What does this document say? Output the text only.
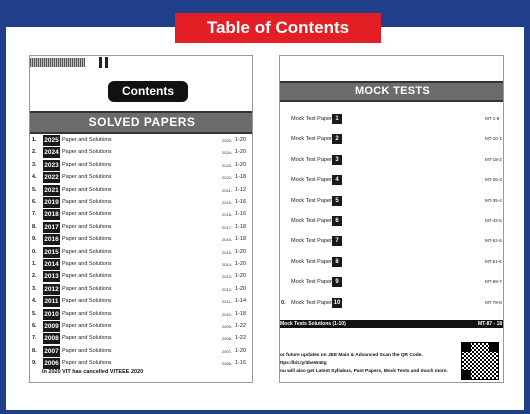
Table of Contents
Contents
SOLVED PAPERS
1. 2025 Paper and Solutions	2025- 1-20
2. 2024 Paper and Solutions	2024- 1-20
3. 2023 Paper and Solutions	2023- 1-20
4. 2022 Paper and Solutions	2022- 1-18
5. 2021 Paper and Solutions	2021- 1-12
6. 2019 Paper and Solutions	2019- 1-16
7. 2018 Paper and Solutions	2018- 1-16
8. 2017 Paper and Solutions	2017- 1-18
9. 2016 Paper and Solutions	2016- 1-18
0. 2015 Paper and Solutions	2015- 1-20
1. 2014 Paper and Solutions	2014- 1-20
2. 2013 Paper and Solutions	2013- 1-20
3. 2012 Paper and Solutions	2012- 1-20
4. 2011 Paper and Solutions	2011- 1-14
5. 2010 Paper and Solutions	2010- 1-18
6. 2009 Paper and Solutions	2009- 1-22
7. 2008 Paper and Solutions	2008- 1-22
8. 2007 Paper and Solutions	2007- 1-20
9. 2006 Paper and Solutions	2006- 1-16
In 2020 VIT has cancelled VITEEE 2020
MOCK TESTS
Mock Test Paper 1	MT-1-9
Mock Test Paper 2	MT-10-1
Mock Test Paper 3	MT-18-2
Mock Test Paper 4	MT-26-3
Mock Test Paper 5	MT-35-4
Mock Test Paper 6	MT-43-5
Mock Test Paper 7	MT-52-6
Mock Test Paper 8	MT-61-6
Mock Test Paper 9	MT-69-7
0. Mock Test Paper 10	MT-78-8
Mock Tests Solutions (1-10)	MT-87 - 18
or future updates on JEE Main & Advanced Scan the QR Code.
ttps://bit.ly/3beW40g
ou will also get Latest Syllabus, Past Papers, Mock Tests and much more.
